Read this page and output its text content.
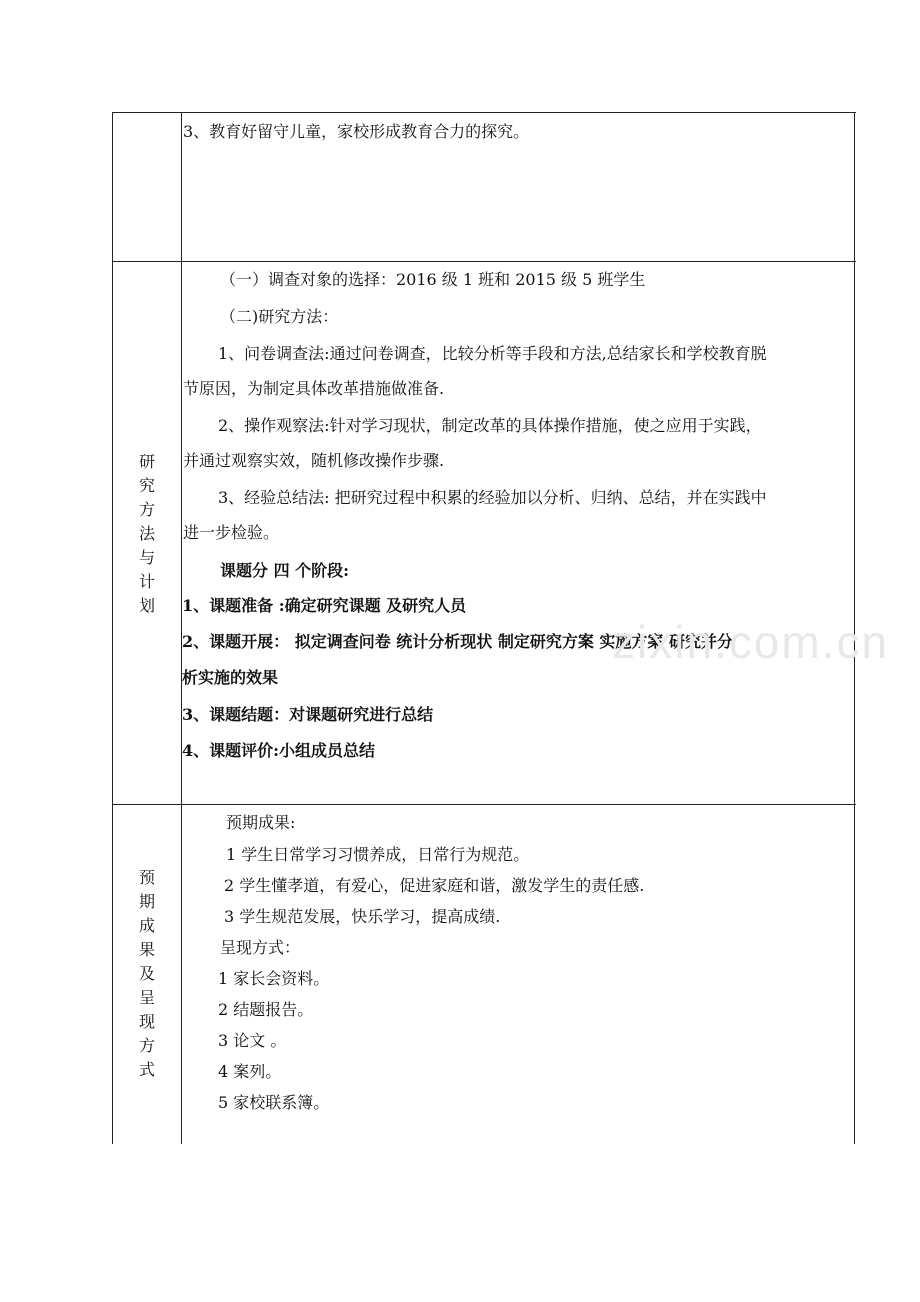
3、教育好留守儿童，家校形成教育合力的探究。
研
究
方
法
与
计
划
（一）调查对象的选择：2016 级 1 班和 2015 级 5 班学生
（二)研究方法：
1、问卷调查法:通过问卷调查，比较分析等手段和方法,总结家长和学校教育脱
节原因，为制定具体改革措施做准备.
2、操作观察法:针对学习现状，制定改革的具体操作措施，使之应用于实践，
并通过观察实效，随机修改操作步骤.
3、经验总结法: 把研究过程中积累的经验加以分析、归纳、总结，并在实践中
进一步检验。
课题分 四 个阶段:
1、课题准备 :确定研究课题 及研究人员
2、课题开展： 拟定调查问卷 统计分析现状 制定研究方案 实施方案 研究并分
析实施的效果
3、课题结题：对课题研究进行总结
4、课题评价:小组成员总结
zixin.com.cn
预
期
成
果
及
呈
现
方
式
预期成果:
1 学生日常学习习惯养成，日常行为规范。
2 学生懂孝道，有爱心，促进家庭和谐，激发学生的责任感.
3 学生规范发展，快乐学习，提高成绩.
呈现方式：
1 家长会资料。
2 结题报告。
3 论文 。
4 案列。
5 家校联系簿。
